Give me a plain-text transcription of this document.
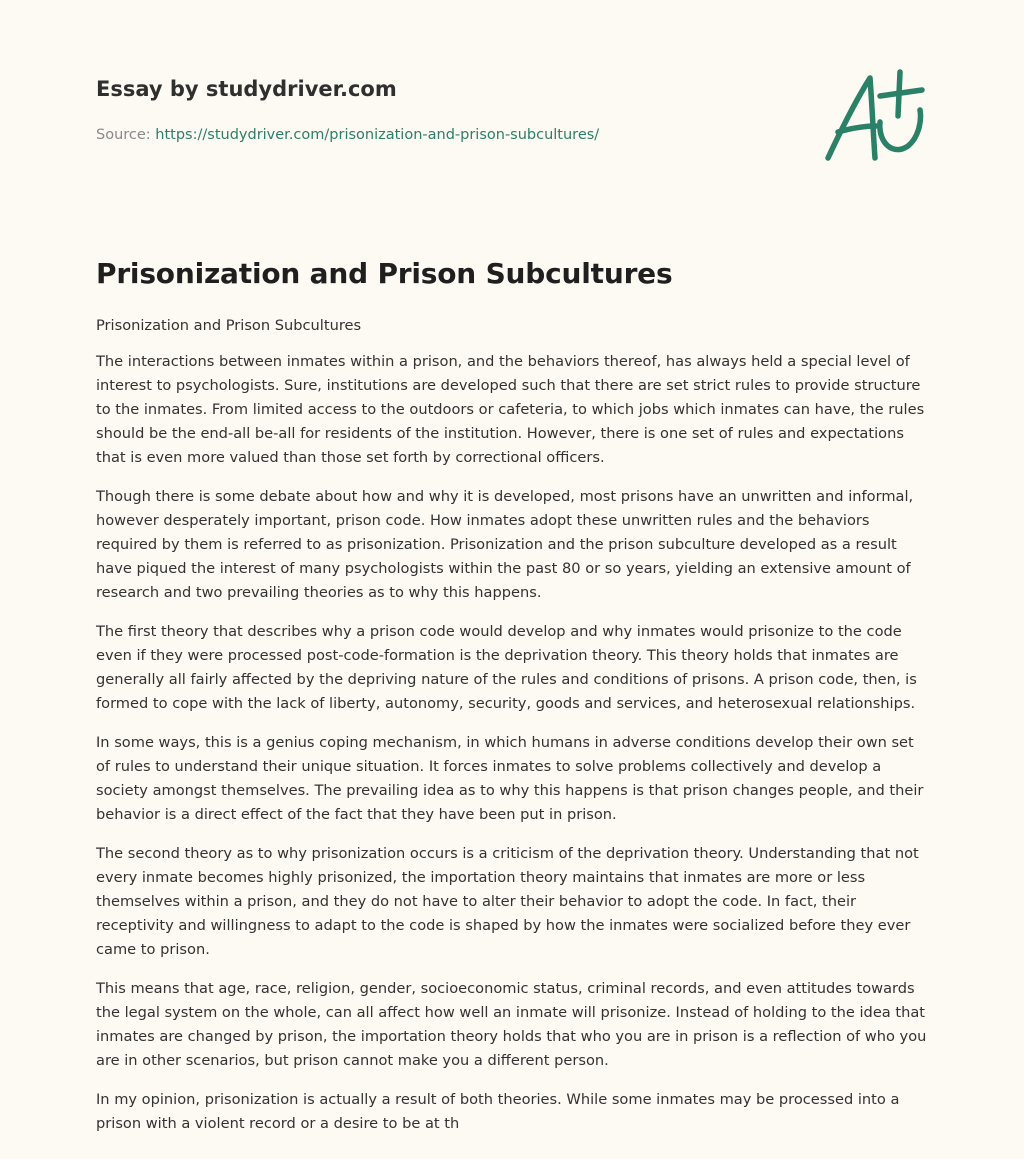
Essay by studydriver.com

Source: https://studydriver.com/prisonization-and-prison-subcultures/
Prisonization and Prison Subcultures

Prisonization and Prison Subcultures

The interactions between inmates within a prison, and the behaviors thereof, has always held a special level of interest to psychologists. Sure, institutions are developed such that there are set strict rules to provide structure to the inmates. From limited access to the outdoors or cafeteria, to which jobs which inmates can have, the rules should be the end-all be-all for residents of the institution. However, there is one set of rules and expectations that is even more valued than those set forth by correctional officers.

Though there is some debate about how and why it is developed, most prisons have an unwritten and informal, however desperately important, prison code. How inmates adopt these unwritten rules and the behaviors required by them is referred to as prisonization. Prisonization and the prison subculture developed as a result have piqued the interest of many psychologists within the past 80 or so years, yielding an extensive amount of research and two prevailing theories as to why this happens.

The first theory that describes why a prison code would develop and why inmates would prisonize to the code even if they were processed post-code-formation is the deprivation theory. This theory holds that inmates are generally all fairly affected by the depriving nature of the rules and conditions of prisons. A prison code, then, is formed to cope with the lack of liberty, autonomy, security, goods and services, and heterosexual relationships.

In some ways, this is a genius coping mechanism, in which humans in adverse conditions develop their own set of rules to understand their unique situation. It forces inmates to solve problems collectively and develop a society amongst themselves. The prevailing idea as to why this happens is that prison changes people, and their behavior is a direct effect of the fact that they have been put in prison.

The second theory as to why prisonization occurs is a criticism of the deprivation theory. Understanding that not every inmate becomes highly prisonized, the importation theory maintains that inmates are more or less themselves within a prison, and they do not have to alter their behavior to adopt the code. In fact, their receptivity and willingness to adapt to the code is shaped by how the inmates were socialized before they ever came to prison.

This means that age, race, religion, gender, socioeconomic status, criminal records, and even attitudes towards the legal system on the whole, can all affect how well an inmate will prisonize. Instead of holding to the idea that inmates are changed by prison, the importation theory holds that who you are in prison is a reflection of who you are in other scenarios, but prison cannot make you a different person.

In my opinion, prisonization is actually a result of both theories. While some inmates may be processed into a prison with a violent record or a desire to be at th
